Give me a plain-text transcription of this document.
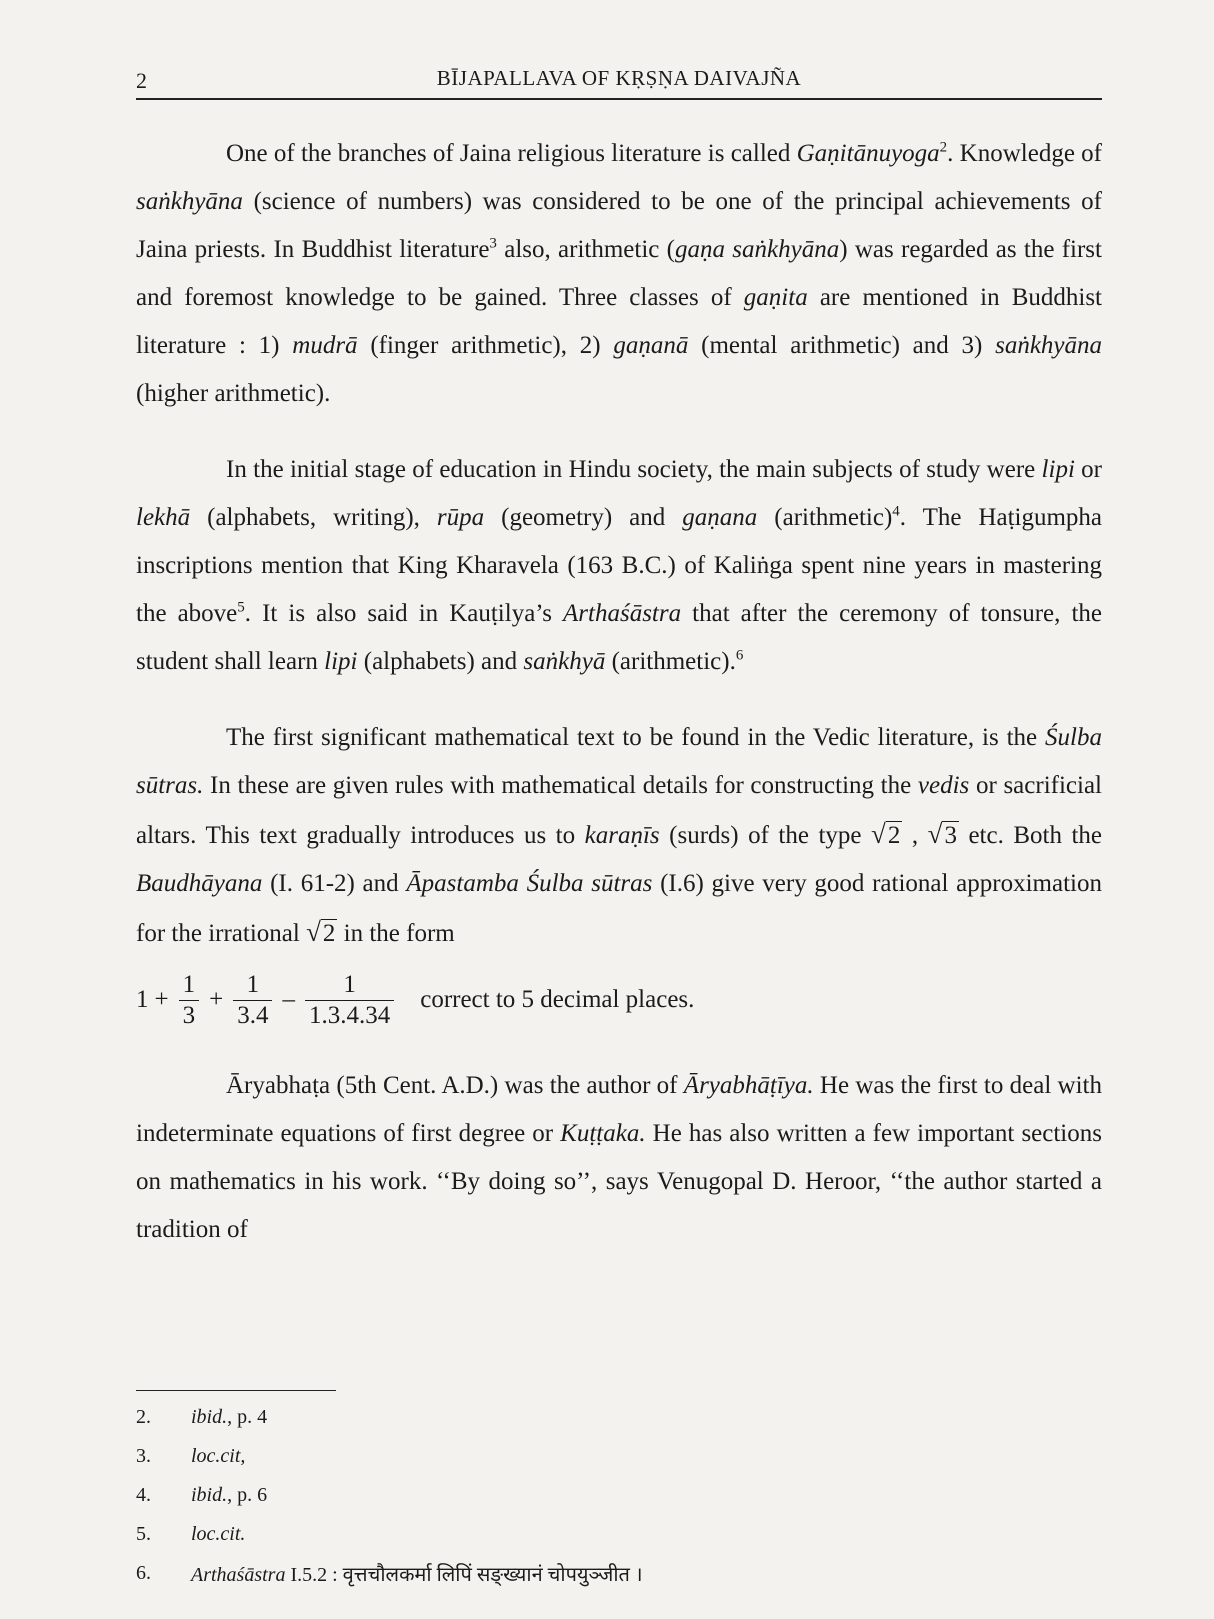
2	BĪJAPALLAVA OF KṚṢṆA DAIVAJÑA

One of the branches of Jaina religious literature is called Gaṇitānuyoga$^2$. Knowledge of saṅkhyāna (science of numbers) was considered to be one of the principal achievements of Jaina priests. In Buddhist literature$^3$ also, arithmetic (gaṇa saṅkhyāna) was regarded as the first and foremost knowledge to be gained. Three classes of gaṇita are mentioned in Buddhist literature : 1) mudrā (finger arithmetic), 2) gaṇanā (mental arithmetic) and 3) saṅkhyāna (higher arithmetic).

In the initial stage of education in Hindu society, the main subjects of study were lipi or lekhā (alphabets, writing), rūpa (geometry) and gaṇana (arithmetic)$^4$. The Haṭigumpha inscriptions mention that King Kharavela (163 B.C.) of Kaliṅga spent nine years in mastering the above$^5$. It is also said in Kauṭilya’s Arthaśāstra that after the ceremony of tonsure, the student shall learn lipi (alphabets) and saṅkhyā (arithmetic).$^6$

The first significant mathematical text to be found in the Vedic literature, is the Śulba sūtras. In these are given rules with mathematical details for constructing the vedis or sacrificial altars. This text gradually introduces us to karaṇīs (surds) of the type √2 , √3 etc. Both the Baudhāyana (I. 61-2) and Āpastamba Śulba sūtras (I.6) give very good rational approximation for the irrational √2 in the form

$1 + \frac{1}{3} + \frac{1}{3.4} - \frac{1}{1.3.4.34}$ correct to 5 decimal places.

Āryabhaṭa (5th Cent. A.D.) was the author of Āryabhāṭīya. He was the first to deal with indeterminate equations of first degree or Kuṭṭaka. He has also written a few important sections on mathematics in his work. ‘‘By doing so’’, says Venugopal D. Heroor, ‘‘the author started a tradition of

2.	ibid., p. 4
3.	loc.cit,
4.	ibid., p. 6
5.	loc.cit.
6.	Arthaśāstra I.5.2 : वृत्तचौलकर्मा लिपिं सङ्ख्यानं चोपयुञ्जीत ।
